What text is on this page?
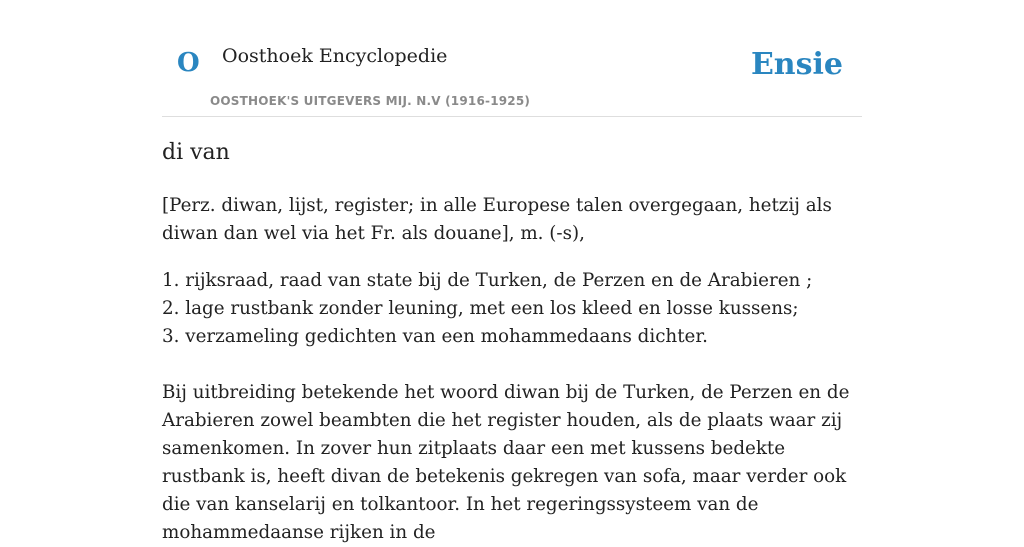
O Oosthoek Encyclopedie
OOSTHOEK'S UITGEVERS MIJ. N.V (1916-1925)
Ensie
di van

[Perz. diwan, lijst, register; in alle Europese talen overgegaan, hetzij als diwan dan wel via het Fr. als douane], m. (-s),

1. rijksraad, raad van state bij de Turken, de Perzen en de Arabieren ;
2. lage rustbank zonder leuning, met een los kleed en losse kussens;
3. verzameling gedichten van een mohammedaans dichter.

Bij uitbreiding betekende het woord diwan bij de Turken, de Perzen en de Arabieren zowel beambten die het register houden, als de plaats waar zij samenkomen. In zover hun zitplaats daar een met kussens bedekte rustbank is, heeft divan de betekenis gekregen van sofa, maar verder ook die van kanselarij en tolkantoor. In het regeringssysteem van de mohammedaanse rijken in de
